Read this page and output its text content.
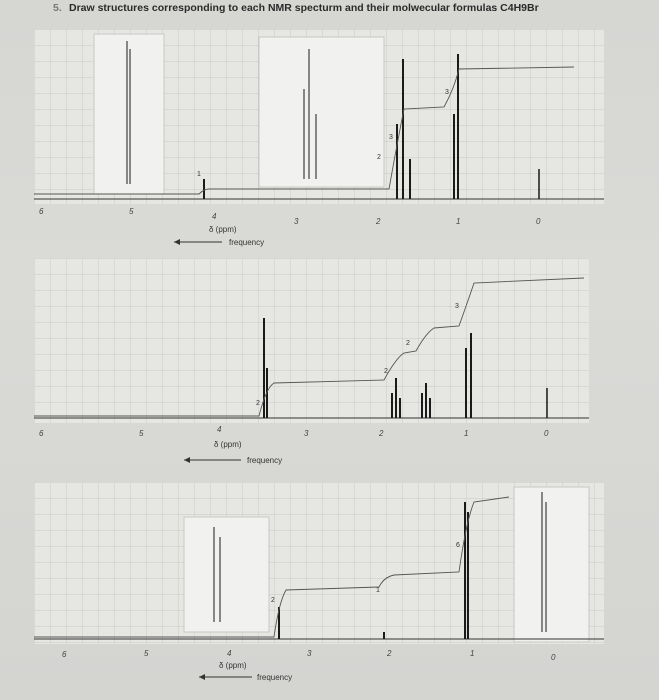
5. Draw structures corresponding to each NMR specturm and their molwecular formulas C4H9Br
6	5
4
3	2	1	0
1
3
2
3
δ (ppm)
frequency
6	5	4	3	2	1	0
2
2
2
3
δ (ppm)
frequency
6	5	4	3	2	1	0
2
1
6
δ (ppm)
frequency
